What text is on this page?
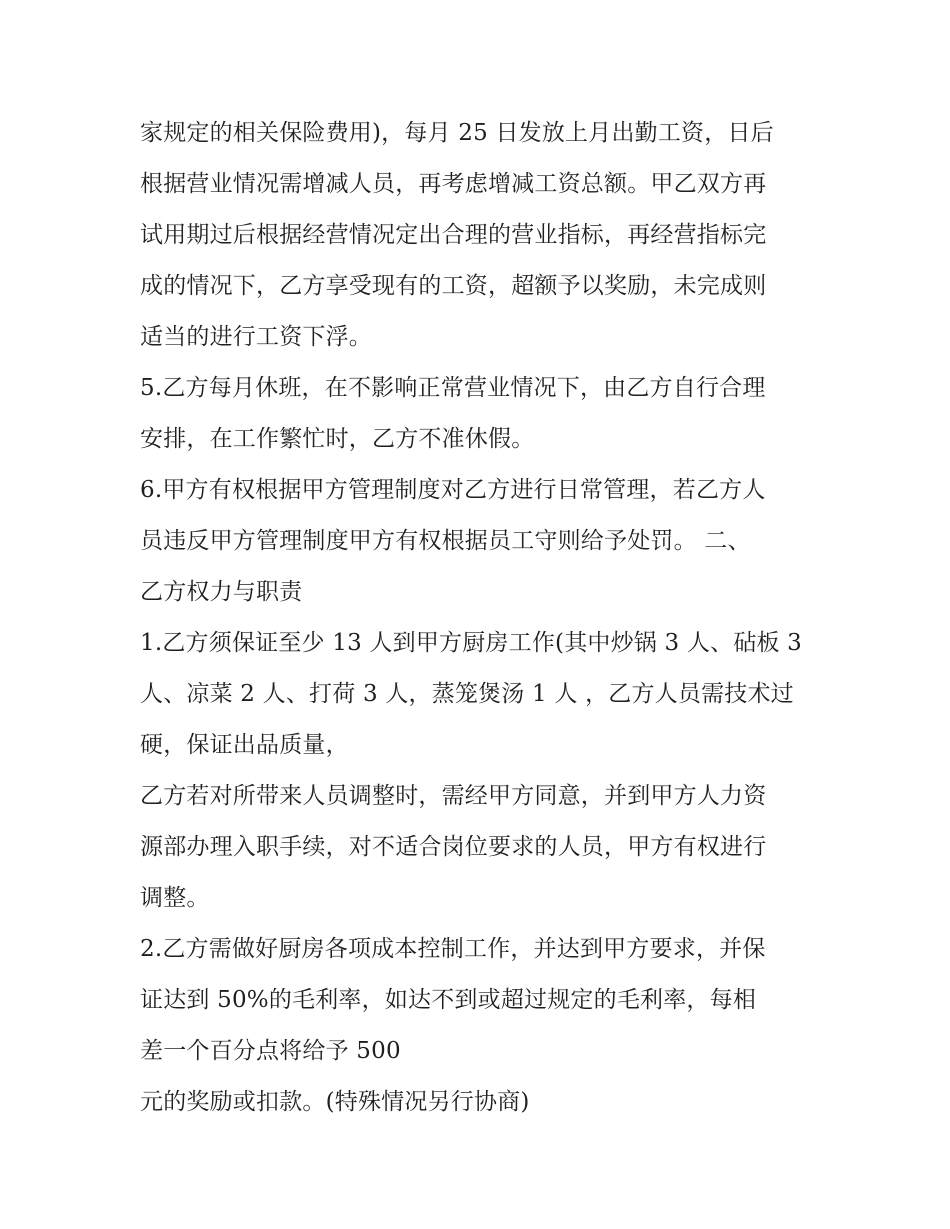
家规定的相关保险费用)，每月 25 日发放上月出勤工资，日后
根据营业情况需增减人员，再考虑增减工资总额。甲乙双方再
试用期过后根据经营情况定出合理的营业指标，再经营指标完
成的情况下，乙方享受现有的工资，超额予以奖励，未完成则
适当的进行工资下浮。
5.乙方每月休班，在不影响正常营业情况下，由乙方自行合理
安排，在工作繁忙时，乙方不准休假。
6.甲方有权根据甲方管理制度对乙方进行日常管理，若乙方人
员违反甲方管理制度甲方有权根据员工守则给予处罚。 二、
乙方权力与职责
1.乙方须保证至少 13 人到甲方厨房工作(其中炒锅 3 人、砧板 3
人、凉菜 2 人、打荷 3 人，蒸笼煲汤 1 人 ，乙方人员需技术过
硬，保证出品质量，
乙方若对所带来人员调整时，需经甲方同意，并到甲方人力资
源部办理入职手续，对不适合岗位要求的人员，甲方有权进行
调整。
2.乙方需做好厨房各项成本控制工作，并达到甲方要求，并保
证达到 50%的毛利率，如达不到或超过规定的毛利率，每相
差一个百分点将给予 500
元的奖励或扣款。(特殊情况另行协商)
